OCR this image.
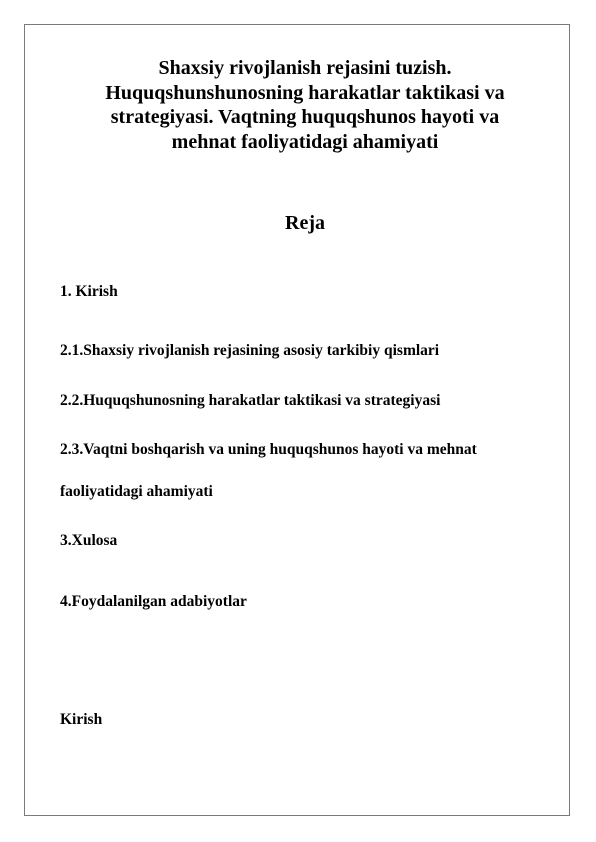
Shaxsiy rivojlanish rejasini tuzish.
Huquqshunshunosning harakatlar taktikasi va
strategiyasi. Vaqtning huquqshunos hayoti va
mehnat faoliyatidagi ahamiyati
Reja

1. Kirish

2.1.Shaxsiy rivojlanish rejasining asosiy tarkibiy qismlari

2.2.Huquqshunosning harakatlar taktikasi va strategiyasi

2.3.Vaqtni boshqarish va uning huquqshunos hayoti va mehnat

faoliyatidagi ahamiyati

3.Xulosa

4.Foydalanilgan adabiyotlar

Kirish
